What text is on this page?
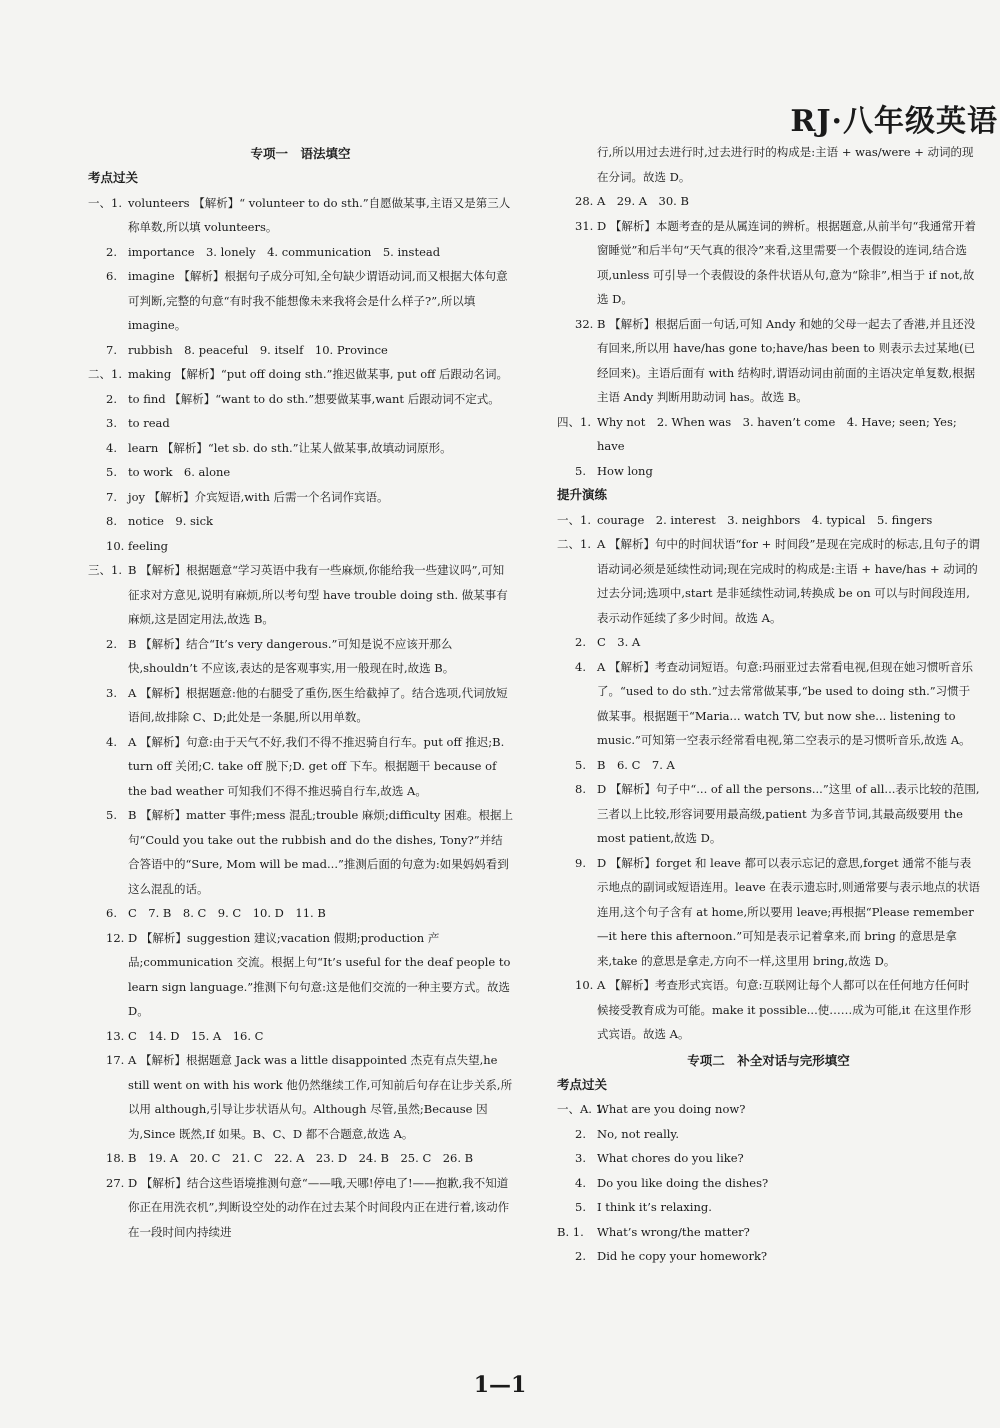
RJ·八年级英语
专项一　语法填空
考点过关
一、1. volunteers 【解析】“ volunteer to do sth.”自愿做某事,主语又是第三人称单数,所以填 volunteers。
2. importance　3. lonely　4. communication　5. instead
6. imagine 【解析】根据句子成分可知,全句缺少谓语动词,而又根据大体句意可判断,完整的句意“有时我不能想像未来我将会是什么样子?”,所以填 imagine。
7. rubbish　8. peaceful　9. itself　10. Province
二、1. making 【解析】“put off doing sth.”推迟做某事, put off 后跟动名词。
2. to find 【解析】“want to do sth.”想要做某事,want 后跟动词不定式。
3. to read
4. learn 【解析】“let sb. do sth.”让某人做某事,故填动词原形。
5. to work　6. alone
7. joy 【解析】介宾短语,with 后需一个名词作宾语。
8. notice　9. sick
10. feeling
三、1. B 【解析】根据题意“学习英语中我有一些麻烦,你能给我一些建议吗”,可知征求对方意见,说明有麻烦,所以考句型 have trouble doing sth. 做某事有麻烦,这是固定用法,故选 B。
2. B 【解析】结合“It’s very dangerous.”可知是说不应该开那么快,shouldn’t 不应该,表达的是客观事实,用一般现在时,故选 B。
3. A 【解析】根据题意:他的右腿受了重伤,医生给截掉了。结合选项,代词放短语间,故排除 C、D;此处是一条腿,所以用单数。
4. A 【解析】句意:由于天气不好,我们不得不推迟骑自行车。put off 推迟;B. turn off 关闭;C. take off 脱下;D. get off 下车。根据题干 because of the bad weather 可知我们不得不推迟骑自行车,故选 A。
5. B 【解析】matter 事件;mess 混乱;trouble 麻烦;difficulty 困难。根据上句“Could you take out the rubbish and do the dishes, Tony?”并结合答语中的“Sure, Mom will be mad...”推测后面的句意为:如果妈妈看到这么混乱的话。
6. C　7. B　8. C　9. C　10. D　11. B
12. D 【解析】suggestion 建议;vacation 假期;production 产品;communication 交流。根据上句“It’s useful for the deaf people to learn sign language.”推测下句句意:这是他们交流的一种主要方式。故选 D。
13. C　14. D　15. A　16. C
17. A 【解析】根据题意 Jack was a little disappointed 杰克有点失望,he still went on with his work 他仍然继续工作,可知前后句存在让步关系,所以用 although,引导让步状语从句。Although 尽管,虽然;Because 因为,Since 既然,If 如果。B、C、D 都不合题意,故选 A。
18. B　19. A　20. C　21. C　22. A　23. D　24. B　25. C　26. B
27. D 【解析】结合这些语境推测句意“——哦,天哪!停电了!——抱歉,我不知道你正在用洗衣机”,判断设空处的动作在过去某个时间段内正在进行着,该动作在一段时间内持续进
行,所以用过去进行时,过去进行时的构成是:主语 + was/were + 动词的现在分词。故选 D。
28. A　29. A　30. B
31. D 【解析】本题考查的是从属连词的辨析。根据题意,从前半句“我通常开着窗睡觉”和后半句“天气真的很冷”来看,这里需要一个表假设的连词,结合选项,unless 可引导一个表假设的条件状语从句,意为“除非”,相当于 if not,故选 D。
32. B 【解析】根据后面一句话,可知 Andy 和她的父母一起去了香港,并且还没有回来,所以用 have/has gone to;have/has been to 则表示去过某地(已经回来)。主语后面有 with 结构时,谓语动词由前面的主语决定单复数,根据主语 Andy 判断用助动词 has。故选 B。
四、1. Why not　2. When was　3. haven’t come　4. Have; seen; Yes; have
5. How long
提升演练
一、1. courage　2. interest　3. neighbors　4. typical　5. fingers
二、1. A 【解析】句中的时间状语“for + 时间段”是现在完成时的标志,且句子的谓语动词必须是延续性动词;现在完成时的构成是:主语 + have/has + 动词的过去分词;选项中,start 是非延续性动词,转换成 be on 可以与时间段连用,表示动作延续了多少时间。故选 A。
2. C　3. A
4. A 【解析】考查动词短语。句意:玛丽亚过去常看电视,但现在她习惯听音乐了。“used to do sth.”过去常常做某事,“be used to doing sth.”习惯于做某事。根据题干“Maria... watch TV, but now she... listening to music.”可知第一空表示经常看电视,第二空表示的是习惯听音乐,故选 A。
5. B　6. C　7. A
8. D 【解析】句子中“... of all the persons...”这里 of all...表示比较的范围,三者以上比较,形容词要用最高级,patient 为多音节词,其最高级要用 the most patient,故选 D。
9. D 【解析】forget 和 leave 都可以表示忘记的意思,forget 通常不能与表示地点的副词或短语连用。leave 在表示遗忘时,则通常要与表示地点的状语连用,这个句子含有 at home,所以要用 leave;再根据“Please remember—it here this afternoon.”可知是表示记着拿来,而 bring 的意思是拿来,take 的意思是拿走,方向不一样,这里用 bring,故选 D。
10. A 【解析】考查形式宾语。句意:互联网让每个人都可以在任何地方任何时候接受教育成为可能。make it possible...使……成为可能,it 在这里作形式宾语。故选 A。
专项二　补全对话与完形填空
考点过关
一、A. 1.
What are you doing now?
2. No, not really.
3. What chores do you like?
4. Do you like doing the dishes?
5. I think it’s relaxing.
B. 1.	What’s wrong/the matter?
2. Did he copy your homework?
1—1
